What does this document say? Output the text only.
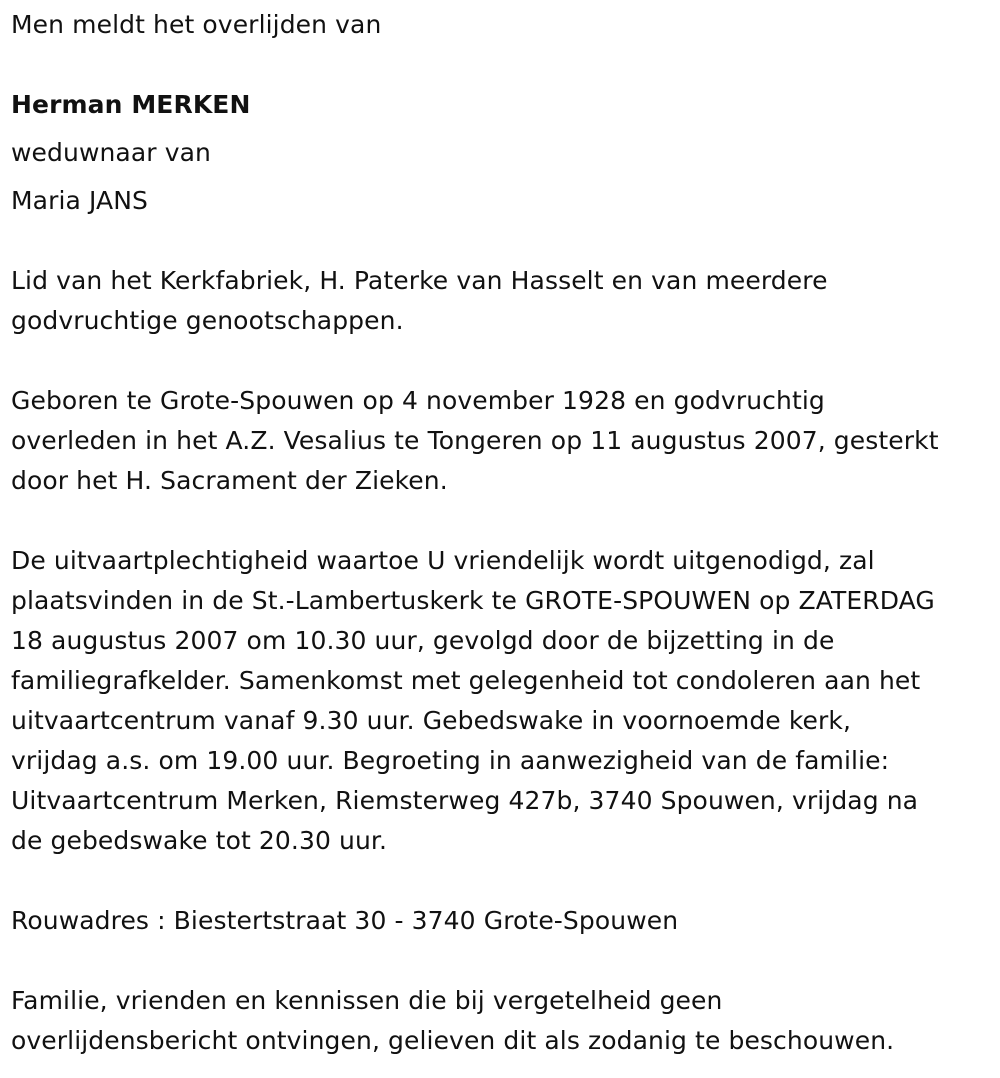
Men meldt het overlijden van
Herman MERKEN
weduwnaar van
Maria JANS
Lid van het Kerkfabriek, H. Paterke van Hasselt en van meerdere
godvruchtige genootschappen.
Geboren te Grote-Spouwen op 4 november 1928 en godvruchtig
overleden in het A.Z. Vesalius te Tongeren op 11 augustus 2007, gesterkt
door het H. Sacrament der Zieken.
De uitvaartplechtigheid waartoe U vriendelijk wordt uitgenodigd, zal
plaatsvinden in de St.-Lambertuskerk te GROTE-SPOUWEN op ZATERDAG
18 augustus 2007 om 10.30 uur, gevolgd door de bijzetting in de
familiegrafkelder. Samenkomst met gelegenheid tot condoleren aan het
uitvaartcentrum vanaf 9.30 uur. Gebedswake in voornoemde kerk,
vrijdag a.s. om 19.00 uur. Begroeting in aanwezigheid van de familie:
Uitvaartcentrum Merken, Riemsterweg 427b, 3740 Spouwen, vrijdag na
de gebedswake tot 20.30 uur.
Rouwadres : Biestertstraat 30 - 3740 Grote-Spouwen
Familie, vrienden en kennissen die bij vergetelheid geen
overlijdensbericht ontvingen, gelieven dit als zodanig te beschouwen.
